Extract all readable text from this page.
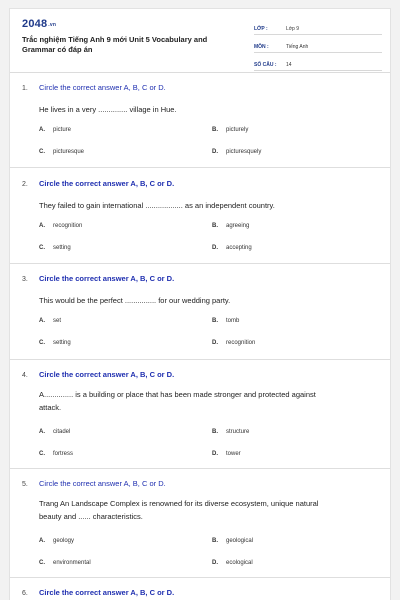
2048.vn
Trắc nghiệm Tiếng Anh 9 mới Unit 5 Vocabulary and Grammar có đáp án
LỚP :	Lớp 9
MÔN :	Tiếng Anh
SỐ CÂU :	14
1.	Circle the correct answer A, B, C or D.
He lives in a very .............. village in Hue.
A.	picture	B.	picturely
C.	picturesque	D.	picturesquely
2.	Circle the correct answer A, B, C or D.
They failed to gain international .................. as an independent country.
A.	recognition	B.	agreeing
C.	setting	D.	accepting
3.	Circle the correct answer A, B, C or D.
This would be the perfect ............... for our wedding party.
A.	set	B.	tomb
C.	setting	D.	recognition
4.	Circle the correct answer A, B, C or D.
A.............. is a building or place that has been made stronger and protected against attack.
A.	citadel	B.	structure
C.	fortress	D.	tower
5.	Circle the correct answer A, B, C or D.
Trang An Landscape Complex is renowned for its diverse ecosystem, unique natural beauty and ...... characteristics.
A.	geology	B.	geological
C.	environmental	D.	ecological
6.	Circle the correct answer A, B, C or D.
